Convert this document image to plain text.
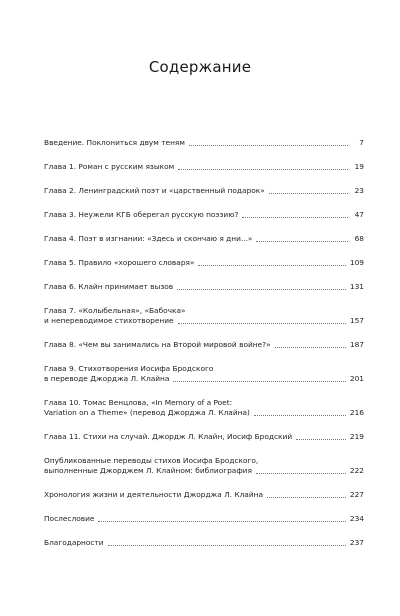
Содержание
Введение. Поклониться двум теням	7
Глава 1. Роман с русским языком	19
Глава 2. Ленинградский поэт и «царственный подарок»	23
Глава 3. Неужели КГБ оберегал русскую поэзию?	47
Глава 4. Поэт в изгнании: «Здесь и скончаю я дни...»	68
Глава 5. Правило «хорошего словаря»	109
Глава 6. Клайн принимает вызов	131
Глава 7. «Колыбельная», «Бабочка»
и непереводимое стихотворение	157
Глава 8. «Чем вы занимались на Второй мировой войне?»	187
Глава 9. Стихотворения Иосифа Бродского
в переводе Джорджа Л. Клайна	201
Глава 10. Томас Венцлова, «In Memory of a Poet:
Variation on a Theme» (перевод Джорджа Л. Клайна)	216
Глава 11. Стихи на случай. Джордж Л. Клайн, Иосиф Бродский	219
Опубликованные переводы стихов Иосифа Бродского,
выполненные Джорджем Л. Клайном: библиография	222
Хронология жизни и деятельности Джорджа Л. Клайна	227
Послесловие	234
Благодарности	237
